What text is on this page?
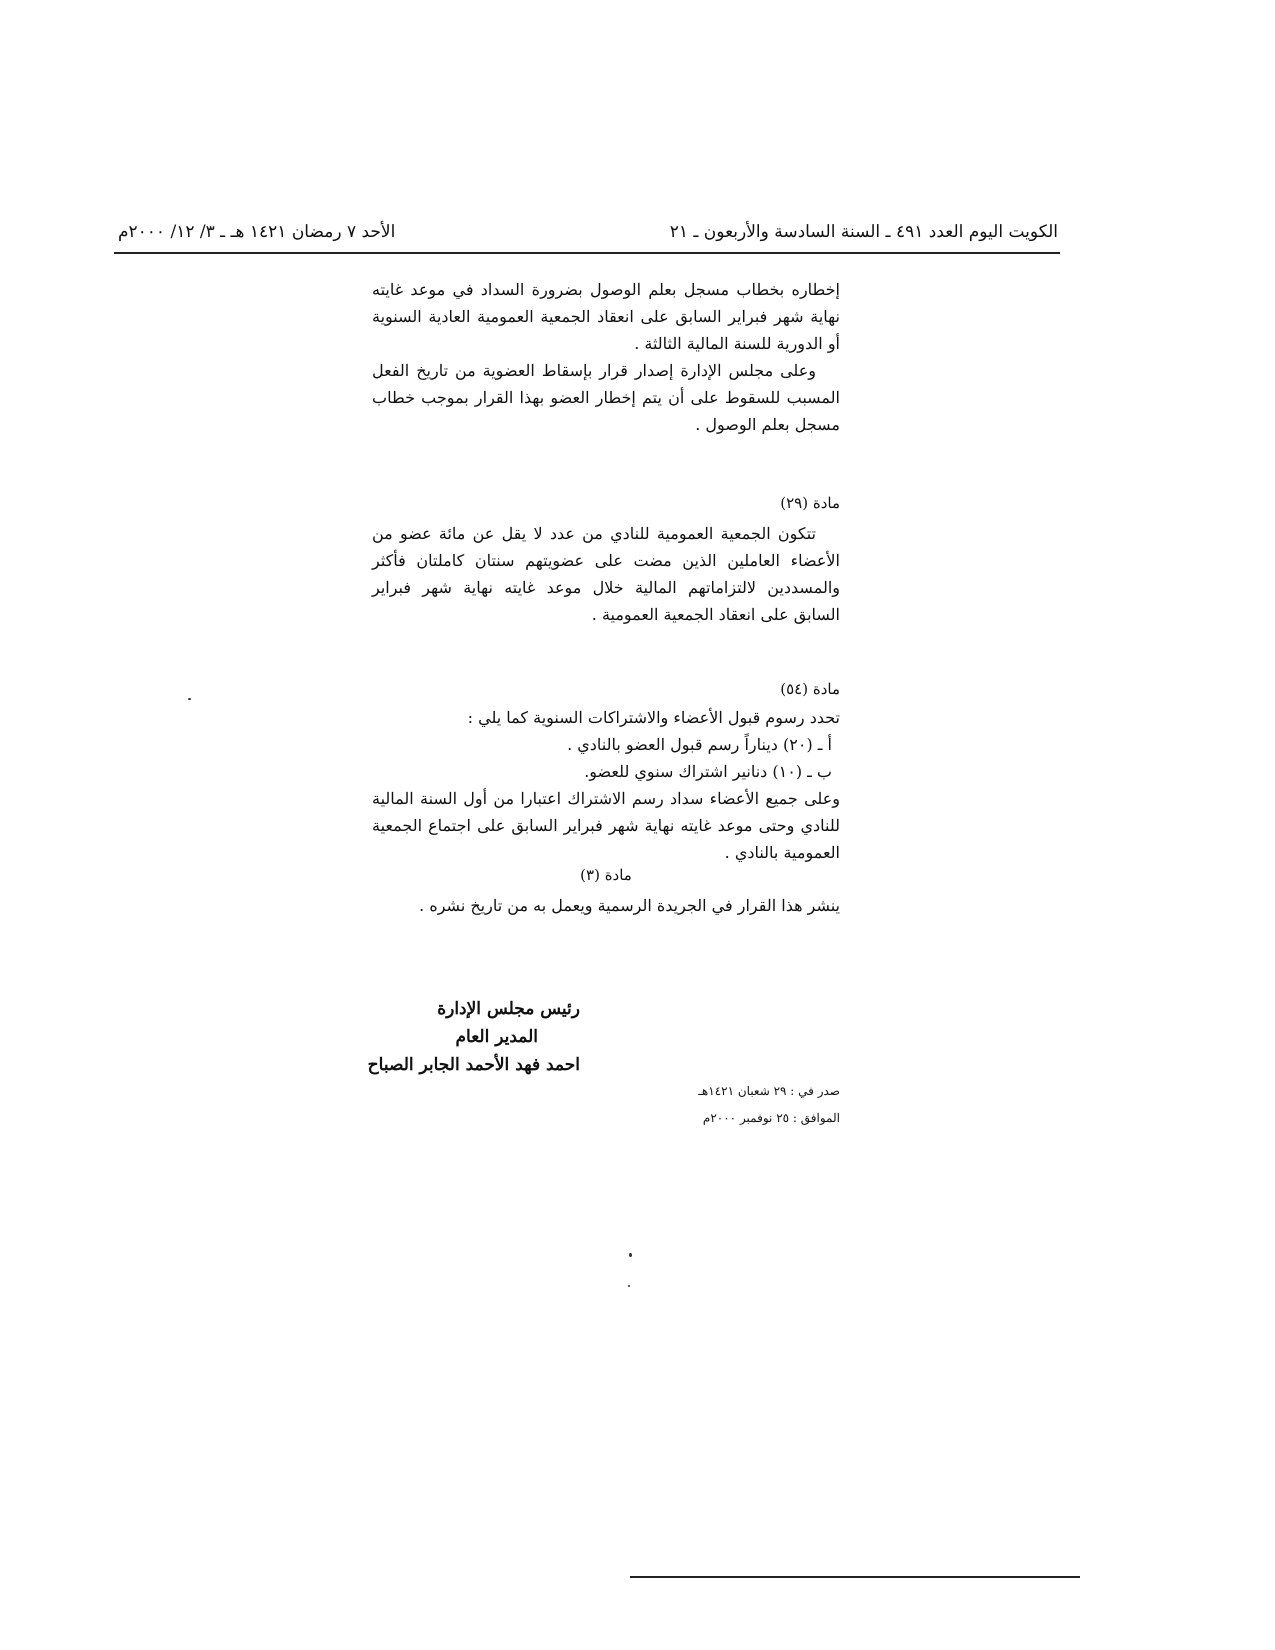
الكويت اليوم العدد ٤٩١ ـ السنة السادسة والأربعون ـ ٢١
الأحد ٧ رمضان ١٤٢١ هـ ـ ٣/ ١٢/ ٢٠٠٠م

إخطاره بخطاب مسجل بعلم الوصول بضرورة السداد في موعد غايته نهاية شهر فبراير السابق على انعقاد الجمعية العمومية العادية السنوية أو الدورية للسنة المالية الثالثة .

وعلى مجلس الإدارة إصدار قرار بإسقاط العضوية من تاريخ الفعل المسبب للسقوط على أن يتم إخطار العضو بهذا القرار بموجب خطاب مسجل بعلم الوصول .

مادة (٢٩)

تتكون الجمعية العمومية للنادي من عدد لا يقل عن مائة عضو من الأعضاء العاملين الذين مضت على عضويتهم سنتان كاملتان فأكثر والمسددين لالتزاماتهم المالية خلال موعد غايته نهاية شهر فبراير السابق على انعقاد الجمعية العمومية .

مادة (٥٤)

تحدد رسوم قبول الأعضاء والاشتراكات السنوية كما يلي :

أ ـ (٢٠) ديناراً رسم قبول العضو بالنادي .

ب ـ (١٠) دنانير اشتراك سنوي للعضو.

وعلى جميع الأعضاء سداد رسم الاشتراك اعتبارا من أول السنة المالية للنادي وحتى موعد غايته نهاية شهر فبراير السابق على اجتماع الجمعية العمومية بالنادي .

مادة (٣)

ينشر هذا القرار في الجريدة الرسمية ويعمل به من تاريخ نشره .

رئيس مجلس الإدارة
المدير العام
احمد فهد الأحمد الجابر الصباح
صدر في : ٢٩ شعبان ١٤٢١هـ
الموافق : ٢٥ نوفمبر ٢٠٠٠م
